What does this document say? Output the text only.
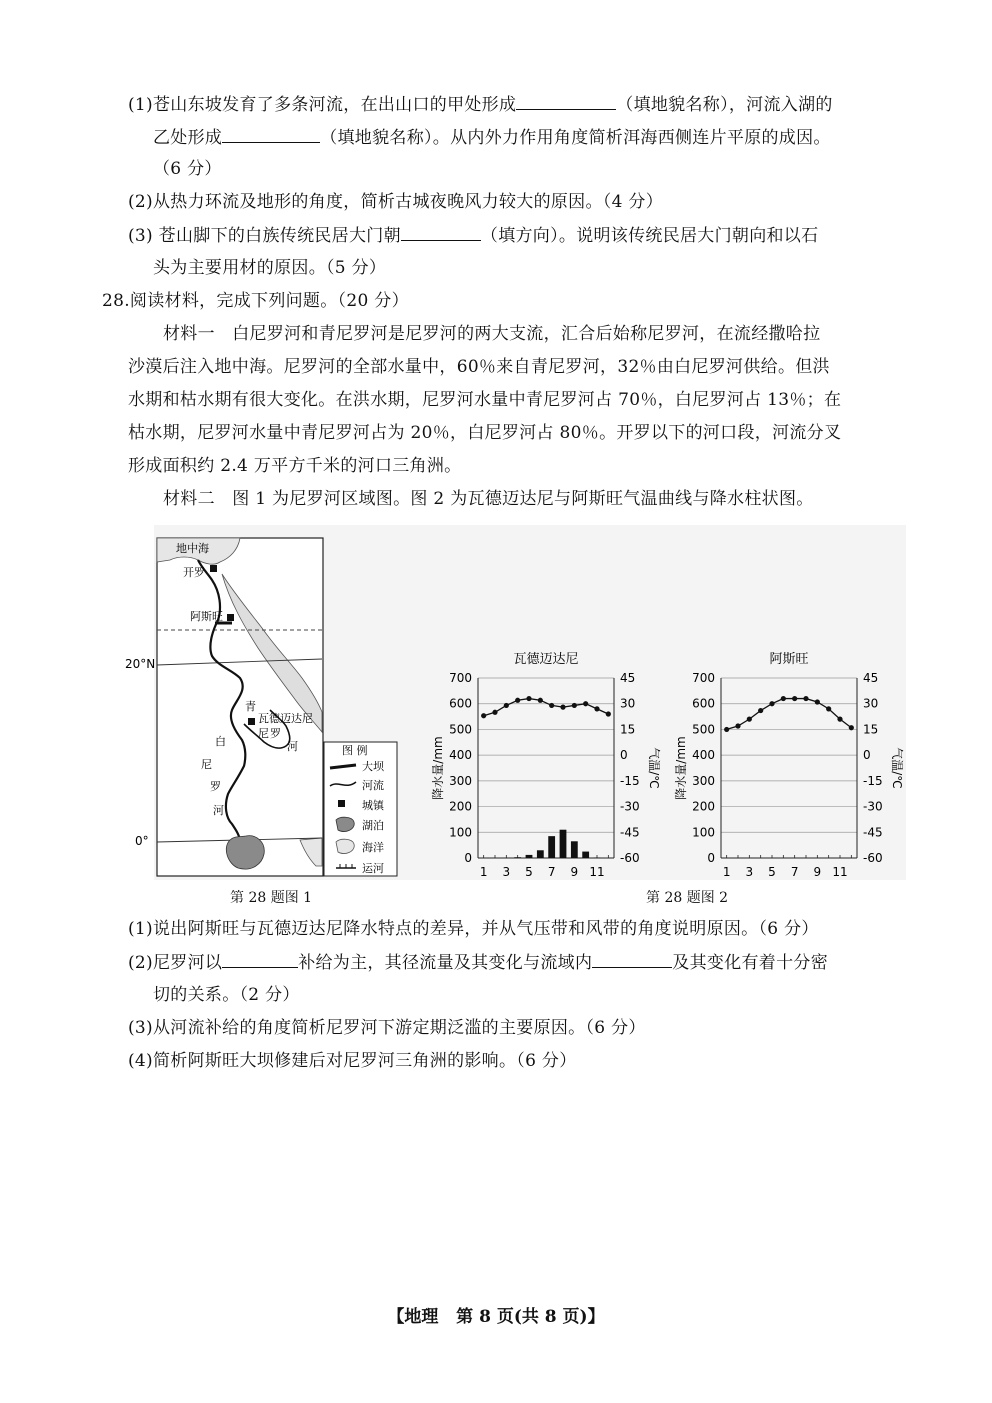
(1)苍山东坡发育了多条河流，在出山口的甲处形成	（填地貌名称），河流入湖的
乙处形成	（填地貌名称）。从内外力作用角度简析洱海西侧连片平原的成因。
（6 分）
(2)从热力环流及地形的角度，简析古城夜晚风力较大的原因。（4 分）
(3) 苍山脚下的白族传统民居大门朝	（填方向）。说明该传统民居大门朝向和以石
头为主要用材的原因。（5 分）
28.阅读材料，完成下列问题。（20 分）
材料一　白尼罗河和青尼罗河是尼罗河的两大支流，汇合后始称尼罗河，在流经撒哈拉
沙漠后注入地中海。尼罗河的全部水量中，60％来自青尼罗河，32％由白尼罗河供给。但洪
水期和枯水期有很大变化。在洪水期，尼罗河水量中青尼罗河占 70％，白尼罗河占 13％；在
枯水期，尼罗河水量中青尼罗河占为 20％，白尼罗河占 80％。开罗以下的河口段，河流分叉
形成面积约 2.4 万平方千米的河口三角洲。
材料二　图 1 为尼罗河区域图。图 2 为瓦德迈达尼与阿斯旺气温曲线与降水柱状图。
地中海
开罗
阿斯旺
瓦德迈达尼
20°N
0°
青
尼 罗
河
白
尼
罗
河
图 例
大坝
河流
城镇
湖泊
海洋
运河
700
600
500
400
300
200
100
0
45
30
15
0
-15
-30
-45
-60
1 3 5 7 9 11
瓦德迈达尼
降水量/mm	气温/℃
700
600
500
400
300
200
100
0
45
30
15
0
-15
-30
-45
-60
1 3 5 7 9 11
阿斯旺
降水量/mm	气温/℃
第 28 题图 1	第 28 题图 2
(1)说出阿斯旺与瓦德迈达尼降水特点的差异，并从气压带和风带的角度说明原因。（6 分）
(2)尼罗河以	补给为主，其径流量及其变化与流域内	及其变化有着十分密
切的关系。（2 分）
(3)从河流补给的角度简析尼罗河下游定期泛滥的主要原因。（6 分）
(4)简析阿斯旺大坝修建后对尼罗河三角洲的影响。（6 分）
【地理 第 8 页(共 8 页)】
